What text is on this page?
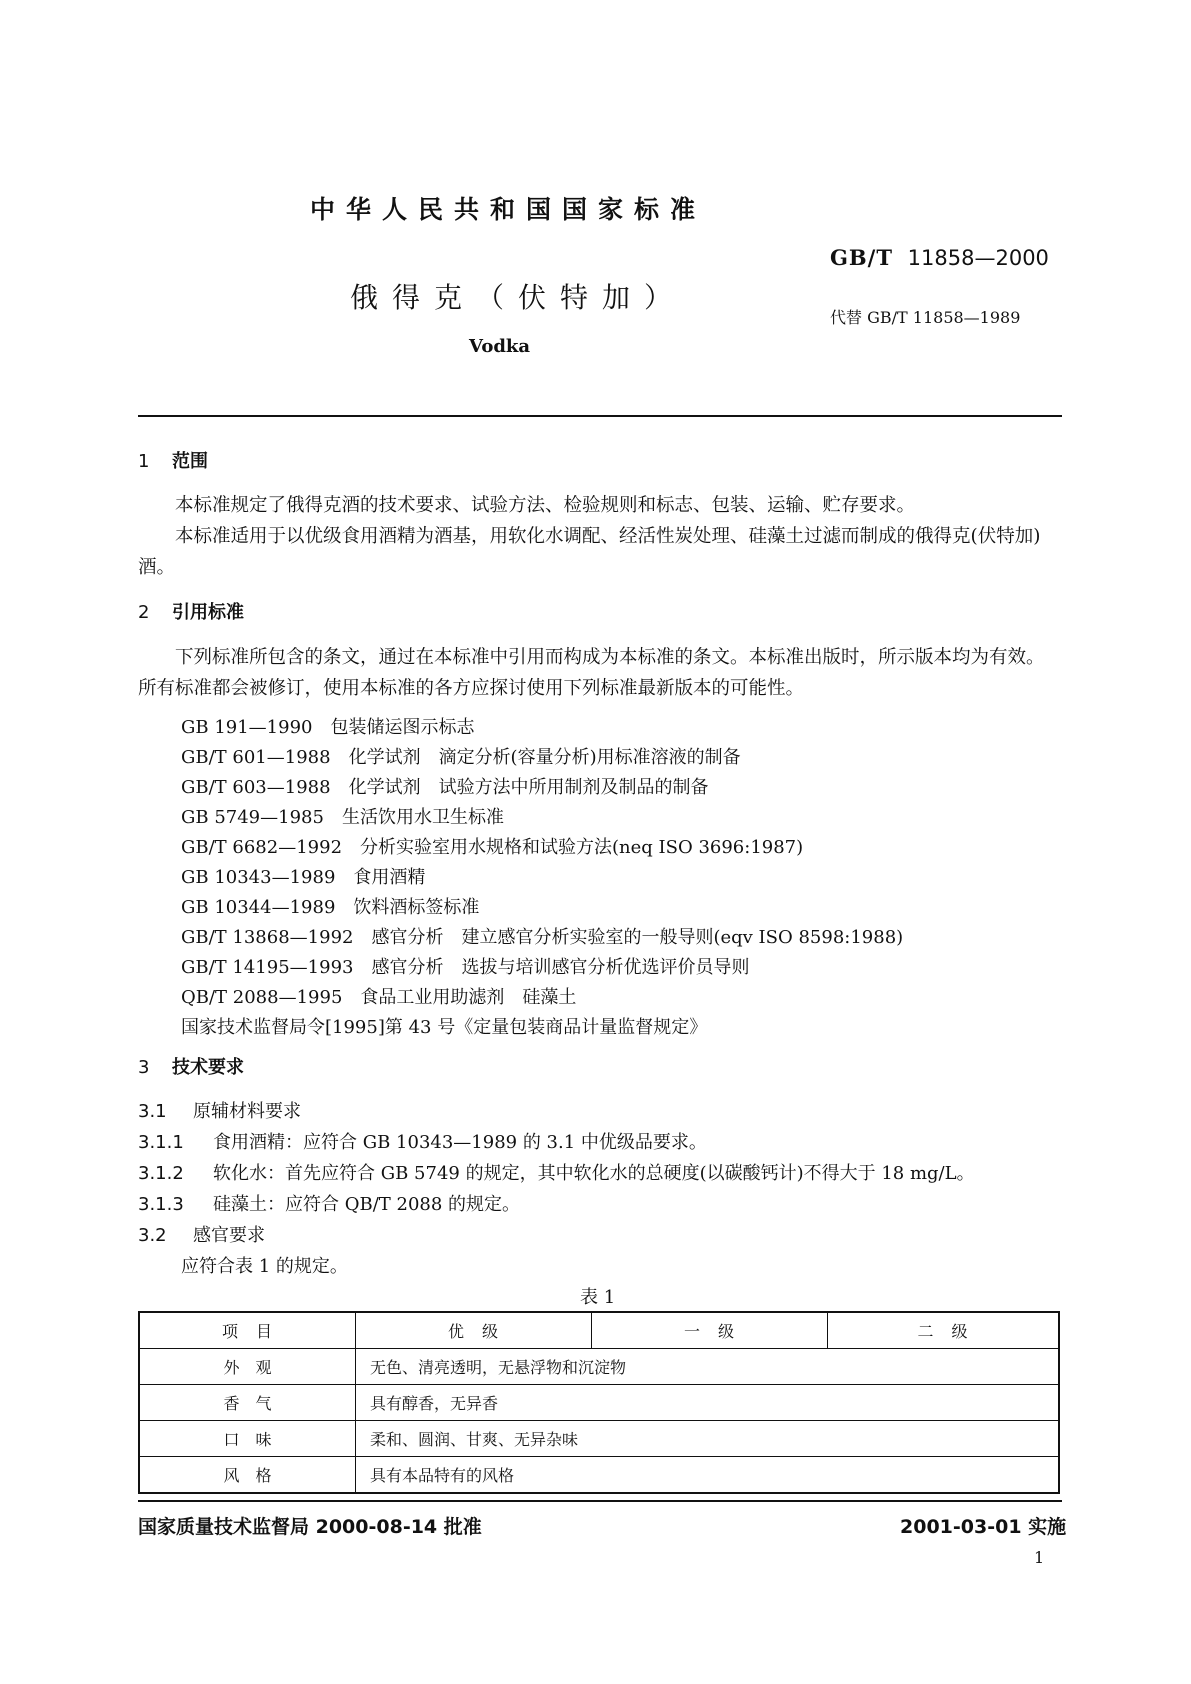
中华人民共和国国家标准
GB/T 11858—2000
代替 GB/T 11858—1989
俄得克（伏特加）
Vodka
1 范围
本标准规定了俄得克酒的技术要求、试验方法、检验规则和标志、包装、运输、贮存要求。
本标准适用于以优级食用酒精为酒基，用软化水调配、经活性炭处理、硅藻土过滤而制成的俄得克(伏特加)酒。
2 引用标准
下列标准所包含的条文，通过在本标准中引用而构成为本标准的条文。本标准出版时，所示版本均为有效。所有标准都会被修订，使用本标准的各方应探讨使用下列标准最新版本的可能性。
GB 191—1990　包装储运图示标志
GB/T 601—1988　化学试剂　滴定分析(容量分析)用标准溶液的制备
GB/T 603—1988　化学试剂　试验方法中所用制剂及制品的制备
GB 5749—1985　生活饮用水卫生标准
GB/T 6682—1992　分析实验室用水规格和试验方法(neq ISO 3696:1987)
GB 10343—1989　食用酒精
GB 10344—1989　饮料酒标签标准
GB/T 13868—1992　感官分析　建立感官分析实验室的一般导则(eqv ISO 8598:1988)
GB/T 14195—1993　感官分析　选拔与培训感官分析优选评价员导则
QB/T 2088—1995　食品工业用助滤剂　硅藻土
国家技术监督局令[1995]第 43 号《定量包装商品计量监督规定》
3 技术要求
3.1 原辅材料要求
3.1.1 食用酒精：应符合 GB 10343—1989 的 3.1 中优级品要求。
3.1.2 软化水：首先应符合 GB 5749 的规定，其中软化水的总硬度(以碳酸钙计)不得大于 18 mg/L。
3.1.3 硅藻土：应符合 QB/T 2088 的规定。
3.2 感官要求
应符合表 1 的规定。
表 1
项　目	优　级	一　级	二　级
外　观	无色、清亮透明，无悬浮物和沉淀物		
香　气	具有醇香，无异香		
口　味	柔和、圆润、甘爽、无异杂味		
风　格	具有本品特有的风格		
国家质量技术监督局 2000-08-14 批准	2001-03-01 实施
1
